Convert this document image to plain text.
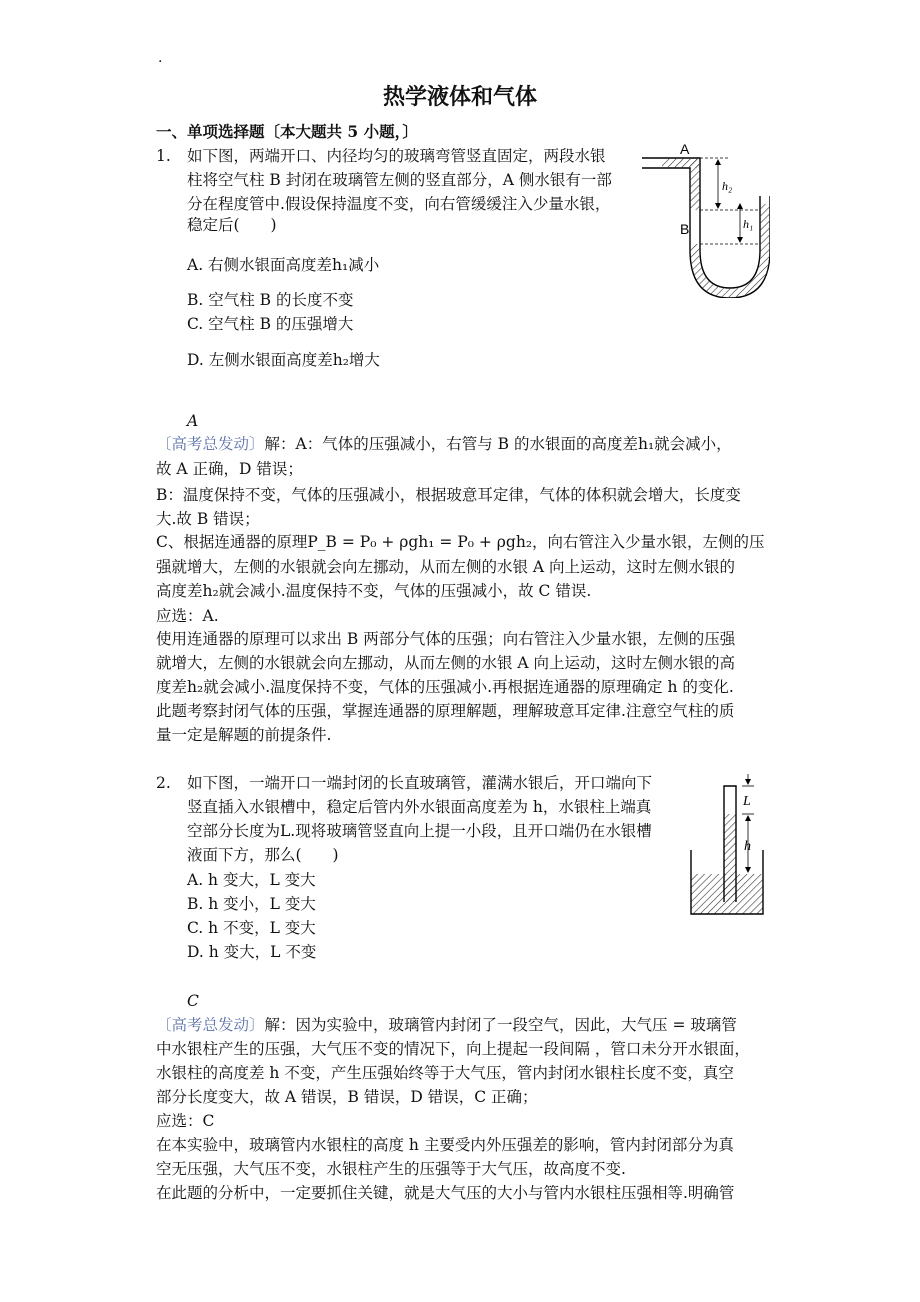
.
热学液体和气体
一、单项选择题〔本大题共 5 小题，〕
1. 如下图，两端开口、内径均匀的玻璃弯管竖直固定，两段水银
柱将空气柱 B 封闭在玻璃管左侧的竖直部分，A 侧水银有一部
分在程度管中.假设保持温度不变，向右管缓缓注入少量水银，
稳定后(　　)
A. 右侧水银面高度差h₁减小
B. 空气柱 B 的长度不变
C. 空气柱 B 的压强增大
D. 左侧水银面高度差h₂增大
A
B
h₂
h₁
A
〔高考总发动〕解：A：气体的压强减小，右管与 B 的水银面的高度差h₁就会减小，
故 A 正确，D 错误；
B：温度保持不变，气体的压强减小，根据玻意耳定律，气体的体积就会增大，长度变
大.故 B 错误；
C、根据连通器的原理P_B = P₀ + ρgh₁ = P₀ + ρgh₂，向右管注入少量水银，左侧的压
强就增大，左侧的水银就会向左挪动，从而左侧的水银 A 向上运动，这时左侧水银的
高度差h₂就会减小.温度保持不变，气体的压强减小，故 C 错误.
应选：A.
使用连通器的原理可以求出 B 两部分气体的压强；向右管注入少量水银，左侧的压强
就增大，左侧的水银就会向左挪动，从而左侧的水银 A 向上运动，这时左侧水银的高
度差h₂就会减小.温度保持不变，气体的压强减小.再根据连通器的原理确定 h 的变化.
此题考察封闭气体的压强，掌握连通器的原理解题，理解玻意耳定律.注意空气柱的质
量一定是解题的前提条件.
2. 如下图，一端开口一端封闭的长直玻璃管，灌满水银后，开口端向下
竖直插入水银槽中，稳定后管内外水银面高度差为 h，水银柱上端真
空部分长度为L.现将玻璃管竖直向上提一小段，且开口端仍在水银槽
液面下方，那么(　　)
A. h 变大，L 变大
B. h 变小，L 变大
C. h 不变，L 变大
D. h 变大，L 不变
L
h
C
〔高考总发动〕解：因为实验中，玻璃管内封闭了一段空气，因此，大气压 = 玻璃管
中水银柱产生的压强，大气压不变的情况下，向上提起一段间隔 ，管口未分开水银面，
水银柱的高度差 h 不变，产生压强始终等于大气压，管内封闭水银柱长度不变，真空
部分长度变大，故 A 错误，B 错误，D 错误，C 正确；
应选：C
在本实验中，玻璃管内水银柱的高度 h 主要受内外压强差的影响，管内封闭部分为真
空无压强，大气压不变，水银柱产生的压强等于大气压，故高度不变.
在此题的分析中，一定要抓住关键，就是大气压的大小与管内水银柱压强相等.明确管
